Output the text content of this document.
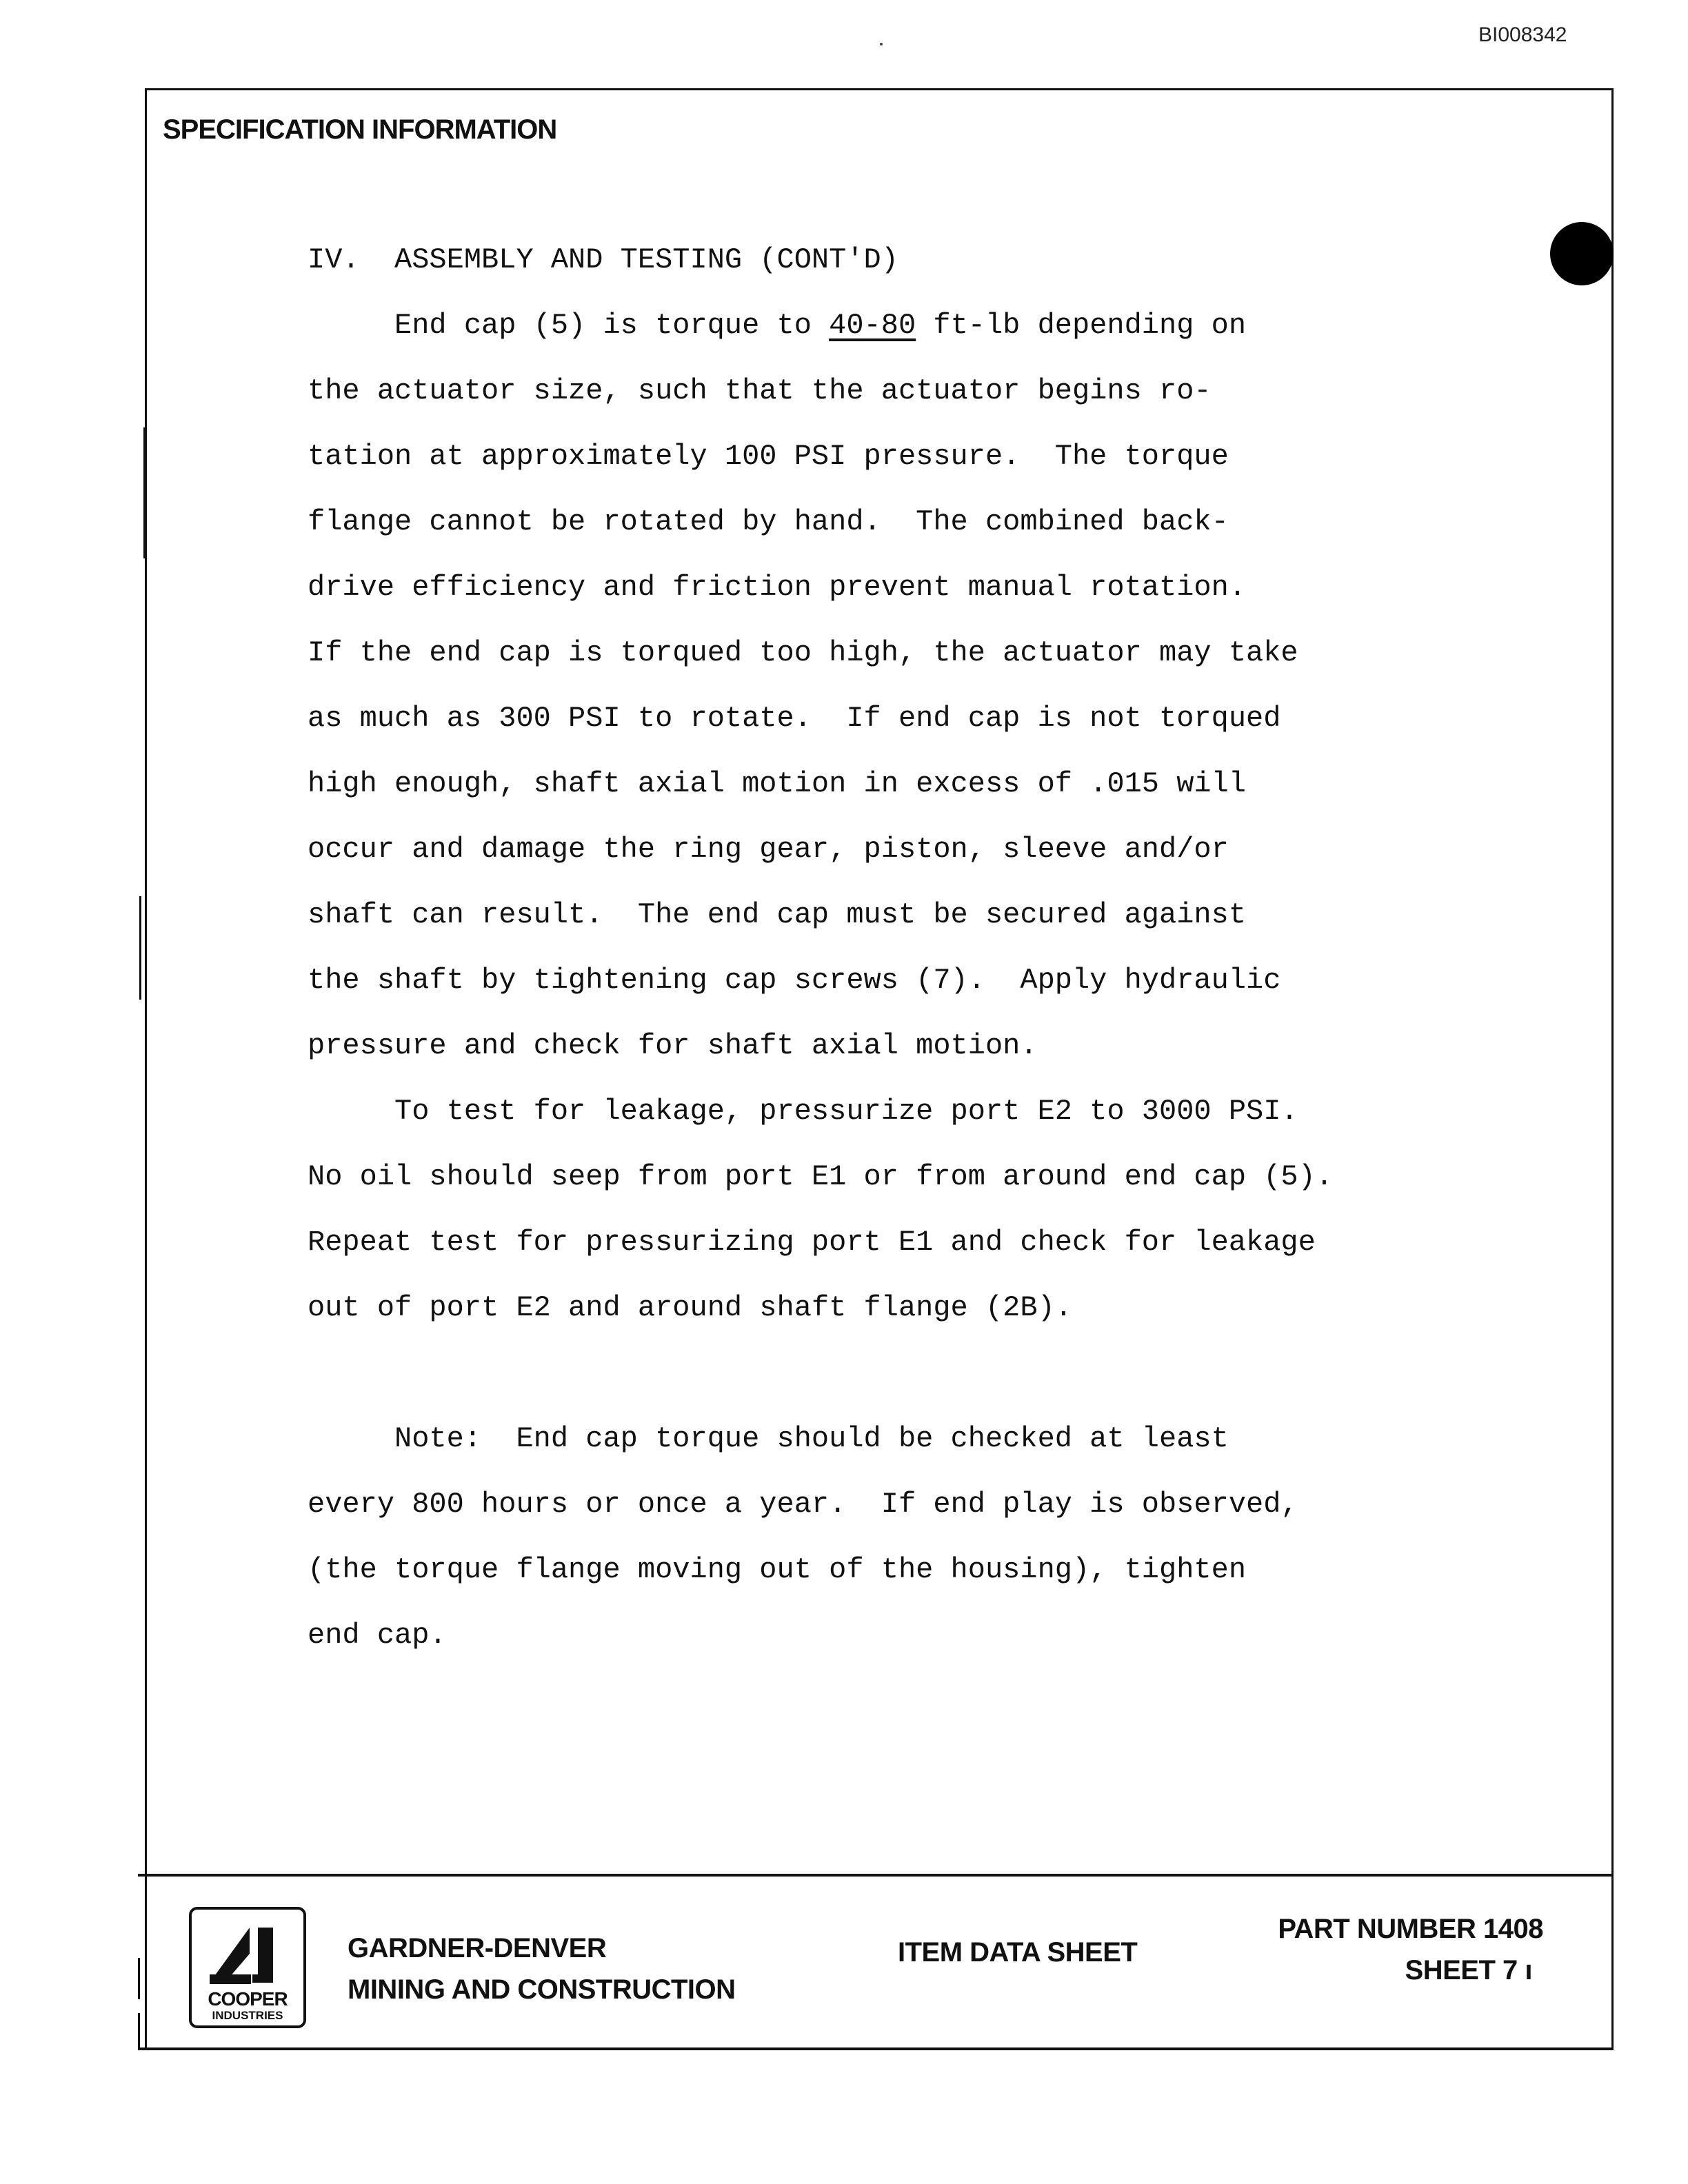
BI008342
SPECIFICATION INFORMATION
IV.  ASSEMBLY AND TESTING (CONT'D)
End cap (5) is torque to 40-80 ft-lb depending on
the actuator size, such that the actuator begins ro-
tation at approximately 100 PSI pressure.  The torque
flange cannot be rotated by hand.  The combined back-
drive efficiency and friction prevent manual rotation.
If the end cap is torqued too high, the actuator may take
as much as 300 PSI to rotate.  If end cap is not torqued
high enough, shaft axial motion in excess of .015 will
occur and damage the ring gear, piston, sleeve and/or
shaft can result.  The end cap must be secured against
the shaft by tightening cap screws (7).  Apply hydraulic
pressure and check for shaft axial motion.
To test for leakage, pressurize port E2 to 3000 PSI.
No oil should seep from port E1 or from around end cap (5).
Repeat test for pressurizing port E1 and check for leakage
out of port E2 and around shaft flange (2B).
Note:  End cap torque should be checked at least
every 800 hours or once a year.  If end play is observed,
(the torque flange moving out of the housing), tighten
end cap.
COOPER
INDUSTRIES
GARDNER-DENVER
MINING AND CONSTRUCTION
ITEM DATA SHEET
PART NUMBER 1408
SHEET 7 ı
